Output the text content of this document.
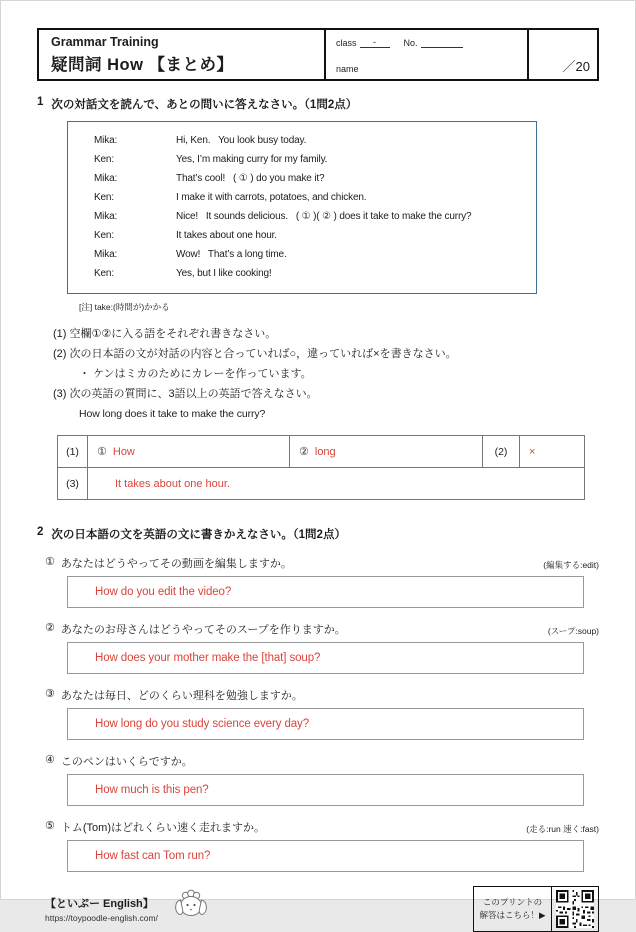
Grammar Training
疑問詞 How 【まとめ】
class	-	No.
name	／20
1 次の対話文を読んで、あとの問いに答えなさい。（1問2点）
Mika:	Hi, Ken.   You look busy today.
Ken:	Yes, I’m making curry for my family.
Mika:	That’s cool!   ( ① ) do you make it?
Ken:	I make it with carrots, potatoes, and chicken.
Mika:	Nice!   It sounds delicious.   ( ① )( ② ) does it take to make the curry?
Ken:	It takes about one hour.
Mika:	Wow!   That’s a long time.
Ken:	Yes, but I like cooking!
[注] take:(時間が)かかる
(1) 空欄①②に入る語をそれぞれ書きなさい。
(2) 次の日本語の文が対話の内容と合っていれば○，違っていれば×を書きなさい。
・ ケンはミカのためにカレーを作っています。
(3) 次の英語の質問に、3語以上の英語で答えなさい。
How long does it take to make the curry?
(1)	① How	② long	(2)	×
(3)	It takes about one hour.			
2 次の日本語の文を英語の文に書きかえなさい。（1問2点）
① あなたはどうやってその動画を編集しますか。	(編集する:edit)
How do you edit the video?
② あなたのお母さんはどうやってそのスープを作りますか。	(スープ:soup)
How does your mother make the [that] soup?
③ あなたは毎日、どのくらい理科を勉強しますか。
How long do you study science every day?
④ このペンはいくらですか。
How much is this pen?
⑤ トム(Tom)はどれくらい速く走れますか。	(走る:run 速く:fast)
How fast can Tom run?
【といぷー English】
https://toypoodle-english.com/
このプリントの
解答はこちら！▶
